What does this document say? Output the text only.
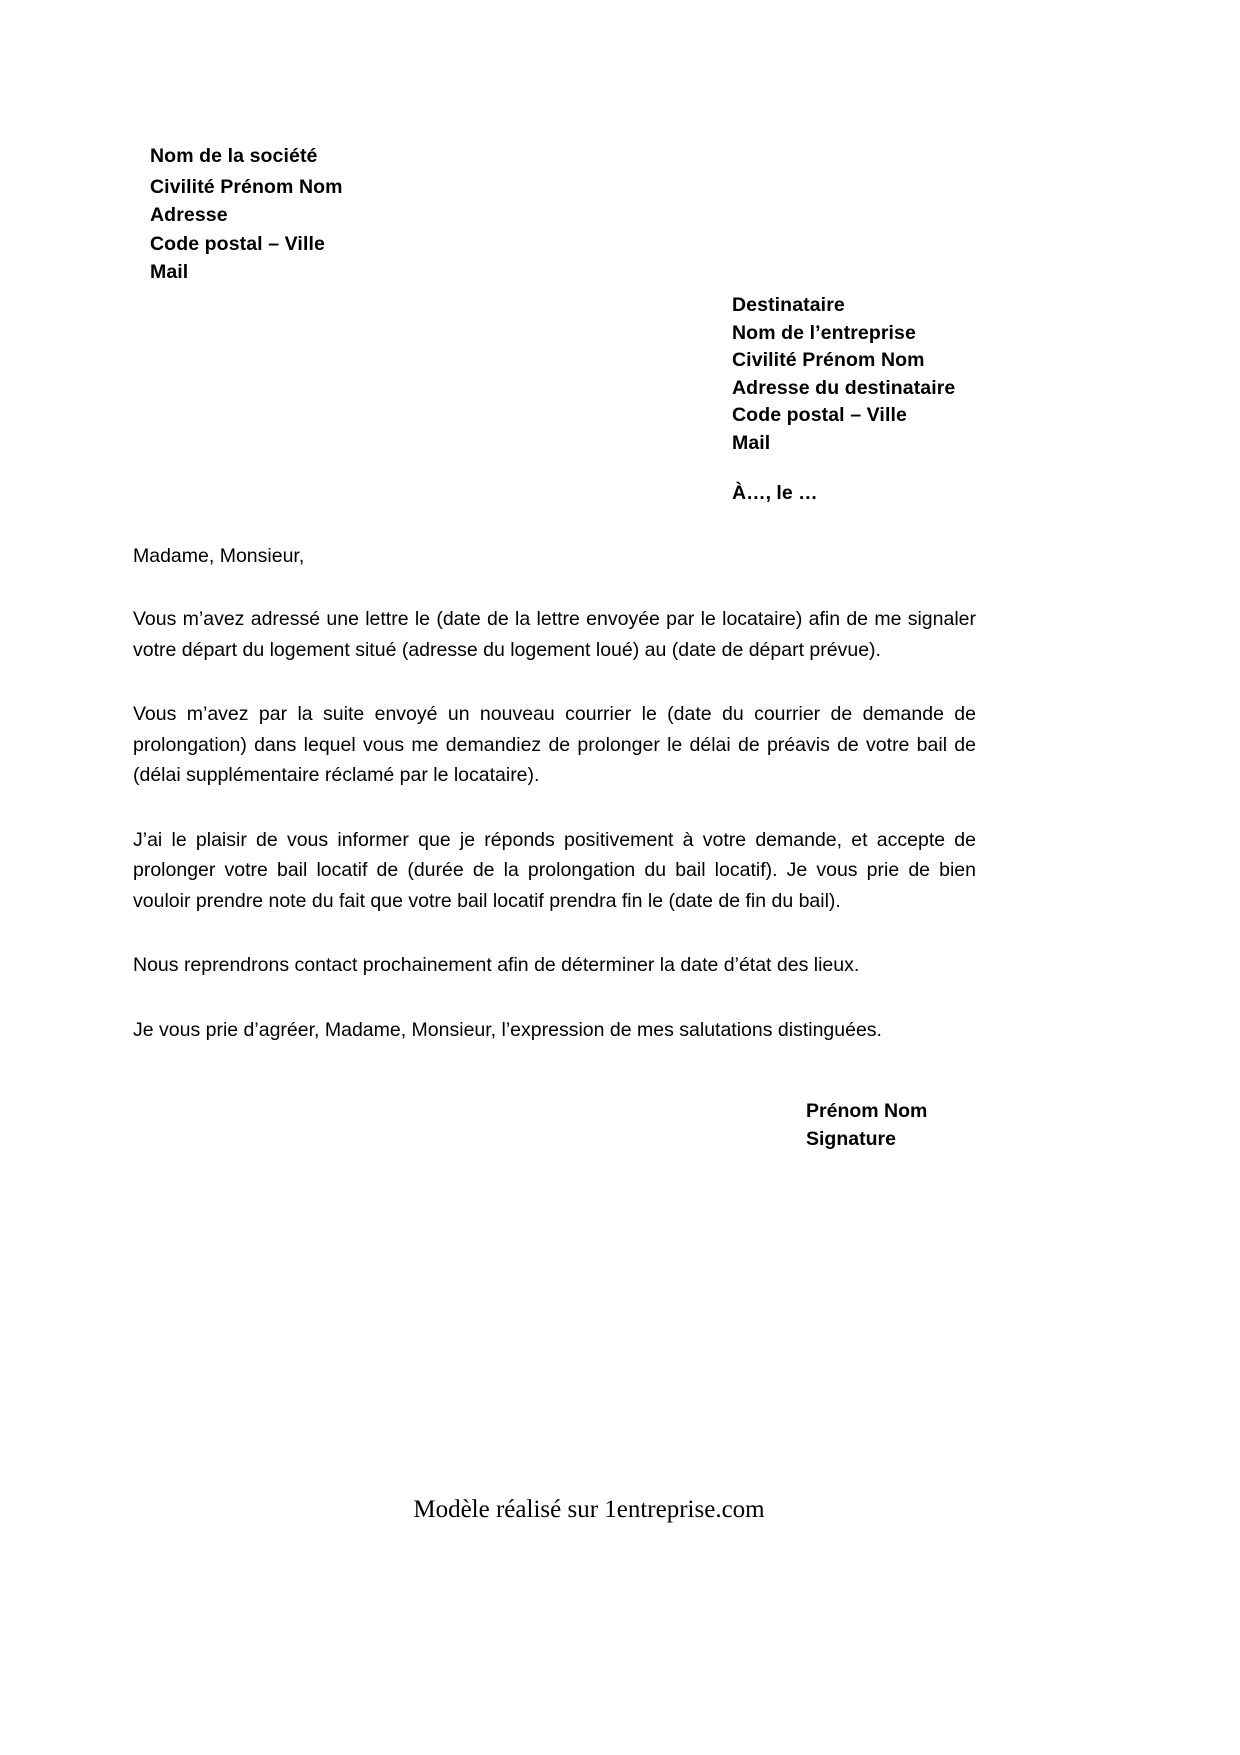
Nom de la société
Civilité Prénom Nom
Adresse
Code postal – Ville
Mail
Destinataire
Nom de l’entreprise
Civilité Prénom Nom
Adresse du destinataire
Code postal – Ville
Mail
À…, le …

Madame, Monsieur,

Vous m’avez adressé une lettre le (date de la lettre envoyée par le locataire) afin de me signaler votre départ du logement situé (adresse du logement loué) au (date de départ prévue).

Vous m’avez par la suite envoyé un nouveau courrier le (date du courrier de demande de prolongation) dans lequel vous me demandiez de prolonger le délai de préavis de votre bail de (délai supplémentaire réclamé par le locataire).

J’ai le plaisir de vous informer que je réponds positivement à votre demande, et accepte de prolonger votre bail locatif de (durée de la prolongation du bail locatif). Je vous prie de bien vouloir prendre note du fait que votre bail locatif prendra fin le (date de fin du bail).

Nous reprendrons contact prochainement afin de déterminer la date d’état des lieux.

Je vous prie d’agréer, Madame, Monsieur, l’expression de mes salutations distinguées.

Prénom Nom
Signature
Modèle réalisé sur 1entreprise.com
